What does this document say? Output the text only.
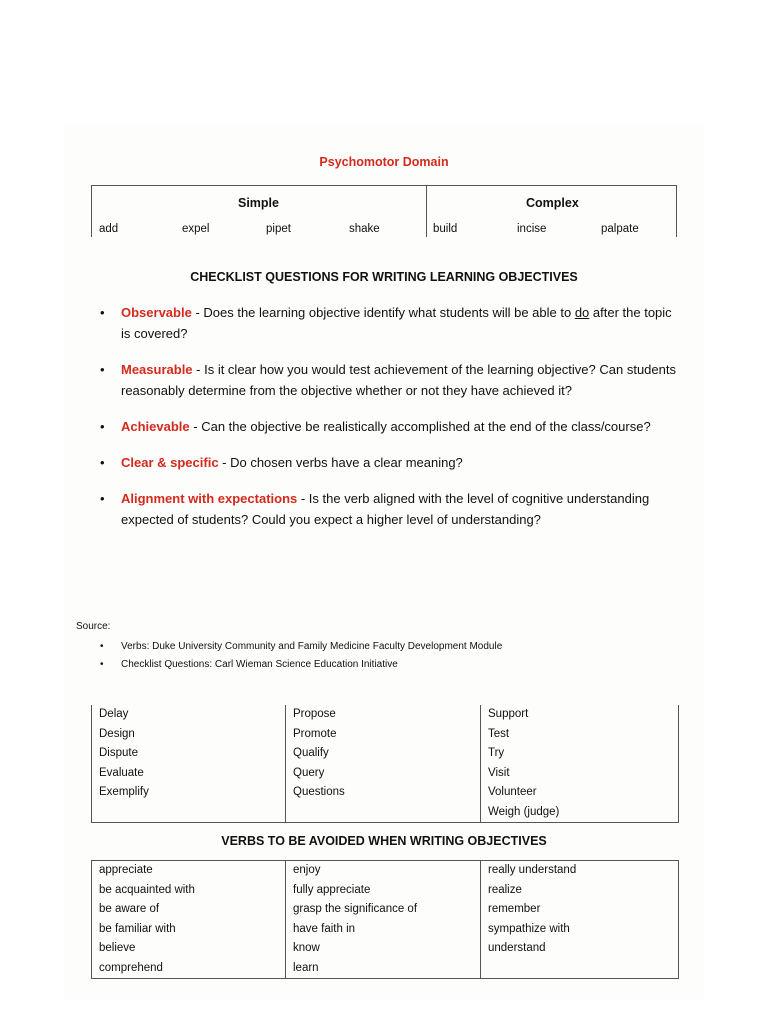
Psychomotor Domain
Simple	Complex
add	expel	pipet	shake	build	incise	palpate
CHECKLIST QUESTIONS FOR WRITING LEARNING OBJECTIVES
• Observable - Does the learning objective identify what students will be able to do after the topic is covered?
• Measurable - Is it clear how you would test achievement of the learning objective? Can students reasonably determine from the objective whether or not they have achieved it?
• Achievable - Can the objective be realistically accomplished at the end of the class/course?
• Clear & specific - Do chosen verbs have a clear meaning?
• Alignment with expectations - Is the verb aligned with the level of cognitive understanding expected of students? Could you expect a higher level of understanding?
Source:
• Verbs: Duke University Community and Family Medicine Faculty Development Module
• Checklist Questions: Carl Wieman Science Education Initiative
Delay	Propose	Support
Design	Promote	Test
Dispute	Qualify	Try
Evaluate	Query	Visit
Exemplify	Questions	Volunteer
		Weigh (judge)
VERBS TO BE AVOIDED WHEN WRITING OBJECTIVES
appreciate	enjoy	really understand
be acquainted with	fully appreciate	realize
be aware of	grasp the significance of	remember
be familiar with	have faith in	sympathize with
believe	know	understand
comprehend	learn	
